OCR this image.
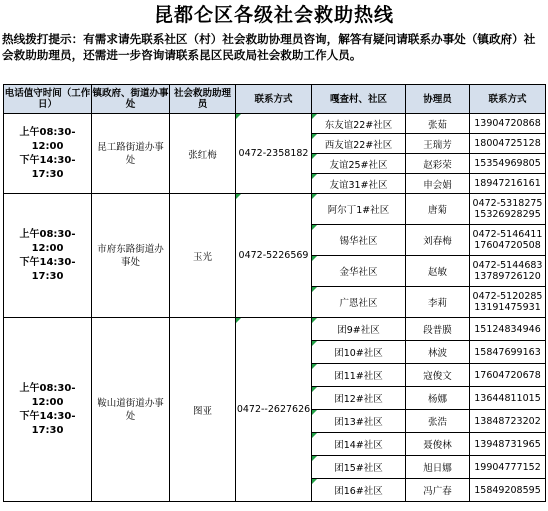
昆都仑区各级社会救助热线
热线拨打提示：有需求请先联系社区（村）社会救助协理员咨询，解答有疑问请联系办事处（镇政府）社会救助助理员，还需进一步咨询请联系昆区民政局社会救助工作人员。
电话值守时间（工作日）	镇政府、街道办事处	社会救助助理员	联系方式	嘎查村、社区	协理员	联系方式

上午08:30-12:00
下午14:30-17:30	昆工路街道办事处	张红梅	0472-2358182	东友谊22#社区	张茹	13904720868

				西友谊22#社区	王瑞芳	18004725128

				友谊25#社区	赵彩荣	15354969805

				友谊31#社区	申会娟	18947216161

上午08:30-12:00
下午14:30-17:30	市府东路街道办事处	玉光	0472-5226569	阿尔丁1#社区	唐菊	0472-5318275
15326928295

				锡华社区	刘春梅	0472-5146411
17604720508

				金华社区	赵敏	0472-5144683
13789726120

				广恩社区	李莉	0472-5120285
13191475931

上午08:30-12:00
下午14:30-17:30	鞍山道街道办事处	图亚	0472--2627626	团9#社区	段普膜	15124834946

				团10#社区	林波	15847699163

				团11#社区	寇俊文	17604720678

				团12#社区	杨娜	13644811015

				团13#社区	张浩	13848723202

				团14#社区	聂俊林	13948731965

				团15#社区	旭日娜	19904777152

				团16#社区	冯广春	15849208595
